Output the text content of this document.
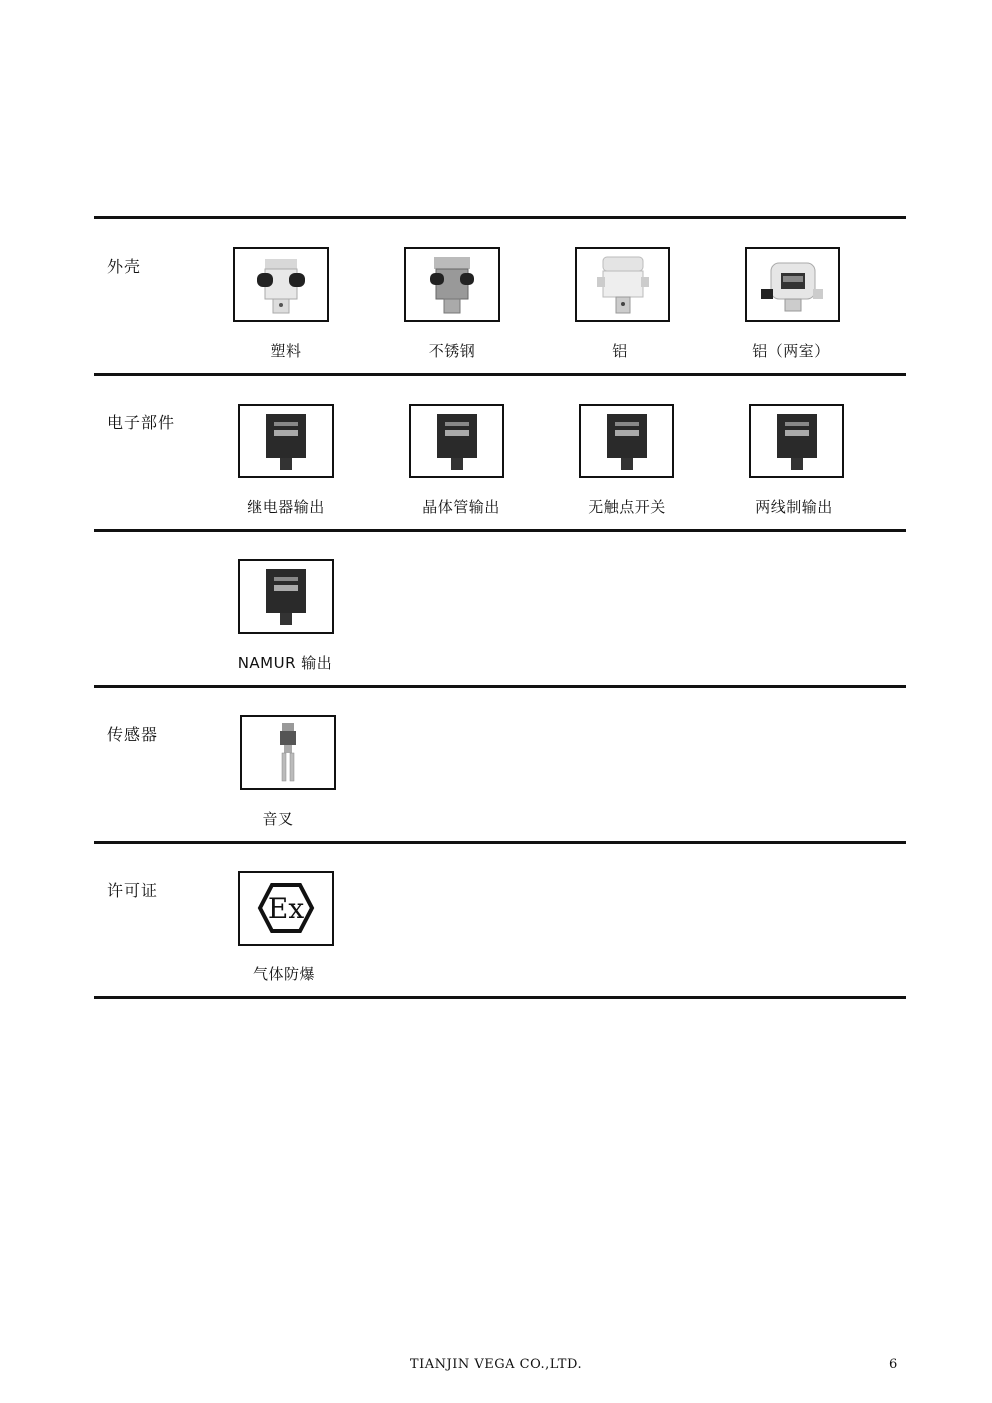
外壳
塑料	不锈钢	铝	铝（两室）
电子部件
继电器输出	晶体管输出	无触点开关	两线制输出
NAMUR 输出
传感器
音叉
许可证
Ex
气体防爆
TIANJIN VEGA CO.,LTD.	6
